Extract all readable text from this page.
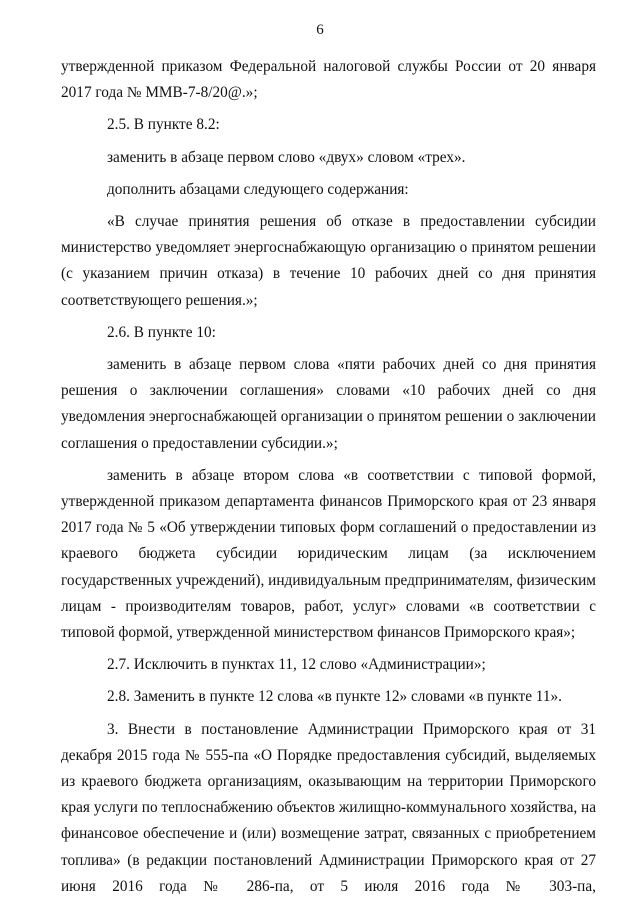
6

утвержденной приказом Федеральной налоговой службы России от 20 января 2017 года № ММВ-7-8/20@.»;

2.5. В пункте 8.2:

заменить в абзаце первом слово «двух» словом «трех».

дополнить абзацами следующего содержания:

«В случае принятия решения об отказе в предоставлении субсидии министерство уведомляет энергоснабжающую организацию о принятом решении (с указанием причин отказа) в течение 10 рабочих дней со дня принятия соответствующего решения.»;

2.6. В пункте 10:

заменить в абзаце первом слова «пяти рабочих дней со дня принятия решения о заключении соглашения» словами «10 рабочих дней со дня уведомления энергоснабжающей организации о принятом решении о заключении соглашения о предоставлении субсидии.»;

заменить в абзаце втором слова «в соответствии с типовой формой, утвержденной приказом департамента финансов Приморского края от 23 января 2017 года № 5 «Об утверждении типовых форм соглашений о предоставлении из краевого бюджета субсидии юридическим лицам (за исключением государственных учреждений), индивидуальным предпринимателям, физическим лицам - производителям товаров, работ, услуг» словами «в соответствии с типовой формой, утвержденной министерством финансов Приморского края»;

2.7. Исключить в пунктах 11, 12 слово «Администрации»;

2.8. Заменить в пункте 12 слова «в пункте 12» словами «в пункте 11».

3. Внести в постановление Администрации Приморского края от 31 декабря 2015 года № 555-па «О Порядке предоставления субсидий, выделяемых из краевого бюджета организациям, оказывающим на территории Приморского края услуги по теплоснабжению объектов жилищно-коммунального хозяйства, на финансовое обеспечение и (или) возмещение затрат, связанных с приобретением топлива» (в редакции постановлений Администрации Приморского края от 27 июня 2016 года № 286-па, от 5 июля 2016 года № 303-па,
